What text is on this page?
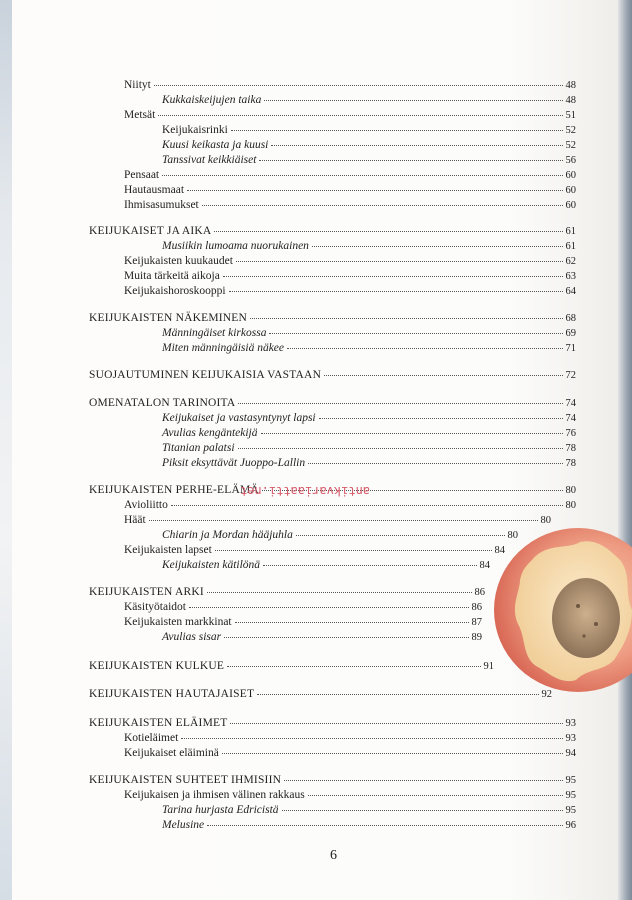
Niityt	48
Kukkaiskeijujen taika	48
Metsät	51
Keijukaisrinki	52
Kuusi keikasta ja kuusi	52
Tanssivat keikkiäiset	56
Pensaat	60
Hautausmaat	60
Ihmisasumukset	60
KEIJUKAISET JA AIKA	61
Musiikin lumoama nuorukainen	61
Keijukaisten kuukaudet	62
Muita tärkeitä aikoja	63
Keijukaishoroskooppi	64
KEIJUKAISTEN NÄKEMINEN	68
Männingäiset kirkossa	69
Miten männingäisiä näkee	71
SUOJAUTUMINEN KEIJUKAISIA VASTAAN	72
OMENATALON TARINOITA	74
Keijukaiset ja vastasyntynyt lapsi	74
Avulias kengäntekijä	76
Titanian palatsi	78
Piksit eksyttävät Juoppo-Lallin	78
KEIJUKAISTEN PERHE-ELÄMÄ	80
Avioliitto	80
Häät	80
Chiarin ja Mordan hääjuhla	80
Keijukaisten lapset	84
Keijukaisten kätilönä	84
KEIJUKAISTEN ARKI	86
Käsityötaidot	86
Keijukaisten markkinat	87
Avulias sisar	89
KEIJUKAISTEN KULKUE	91
KEIJUKAISTEN HAUTAJAISET	92
KEIJUKAISTEN ELÄIMET	93
Kotieläimet	93
Keijukaiset eläiminä	94
KEIJUKAISTEN SUHTEET IHMISIIN	95
Keijukaisen ja ihmisen välinen rakkaus	95
Tarina hurjasta Edricistä	95
Melusine	96
antikvariaatti.net
6
